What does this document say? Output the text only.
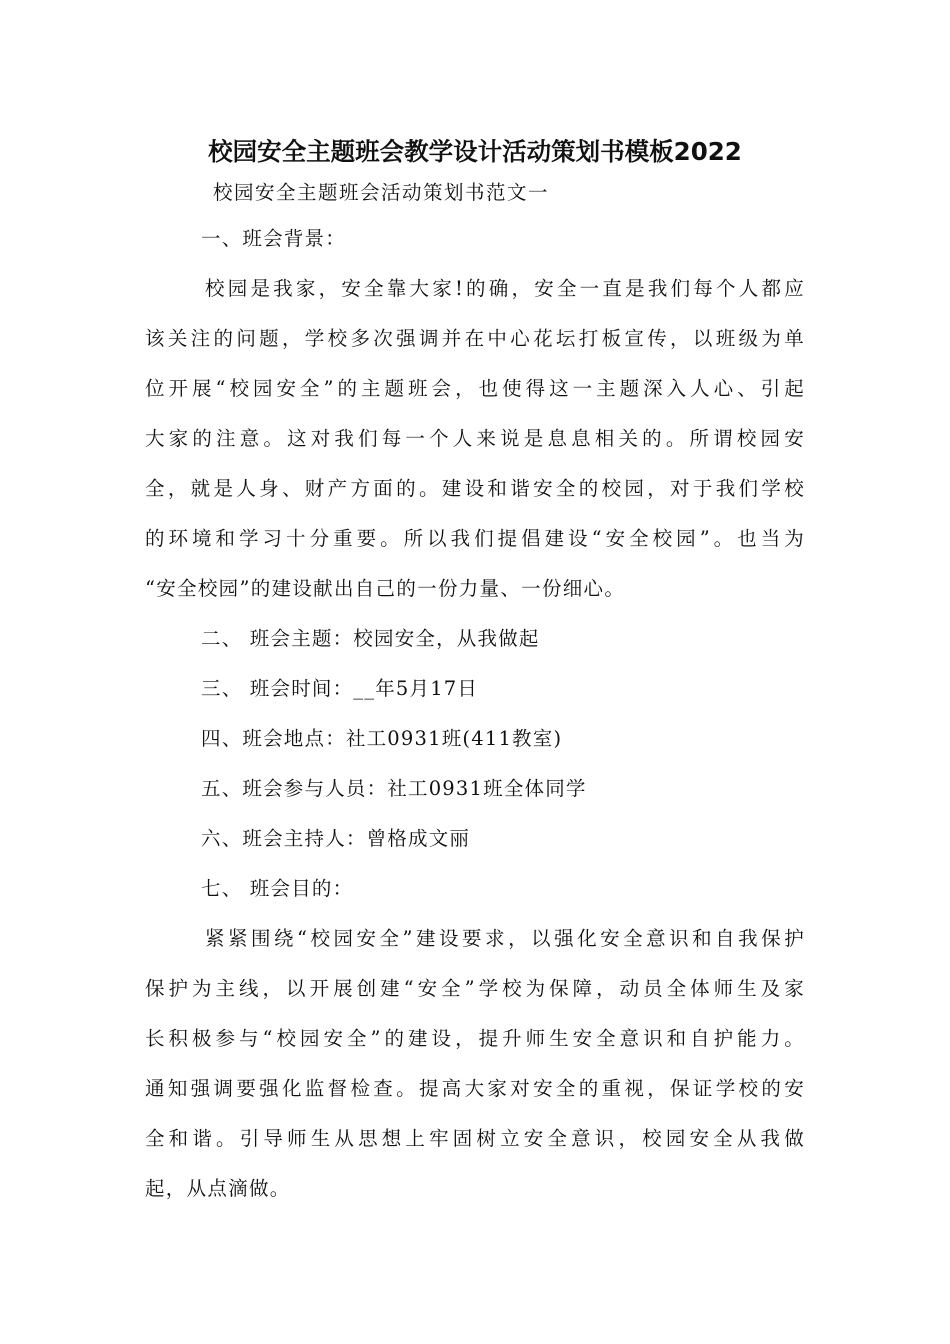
校园安全主题班会教学设计活动策划书模板2022

校园安全主题班会活动策划书范文一

一、班会背景：

校园是我家，安全靠大家!的确，安全一直是我们每个人都应
该关注的问题，学校多次强调并在中心花坛打板宣传，以班级为单
位开展“校园安全”的主题班会，也使得这一主题深入人心、引起
大家的注意。这对我们每一个人来说是息息相关的。所谓校园安
全，就是人身、财产方面的。建设和谐安全的校园，对于我们学校
的环境和学习十分重要。所以我们提倡建设“安全校园”。也当为
“安全校园”的建设献出自己的一份力量、一份细心。

二、 班会主题：校园安全，从我做起

三、 班会时间：__年5月17日

四、班会地点：社工0931班(411教室)

五、班会参与人员：社工0931班全体同学

六、班会主持人：曾格成文丽

七、 班会目的：

紧紧围绕“校园安全”建设要求，以强化安全意识和自我保护
保护为主线，以开展创建“安全”学校为保障，动员全体师生及家
长积极参与“校园安全”的建设，提升师生安全意识和自护能力。
通知强调要强化监督检查。提高大家对安全的重视，保证学校的安
全和谐。引导师生从思想上牢固树立安全意识，校园安全从我做
起，从点滴做。
